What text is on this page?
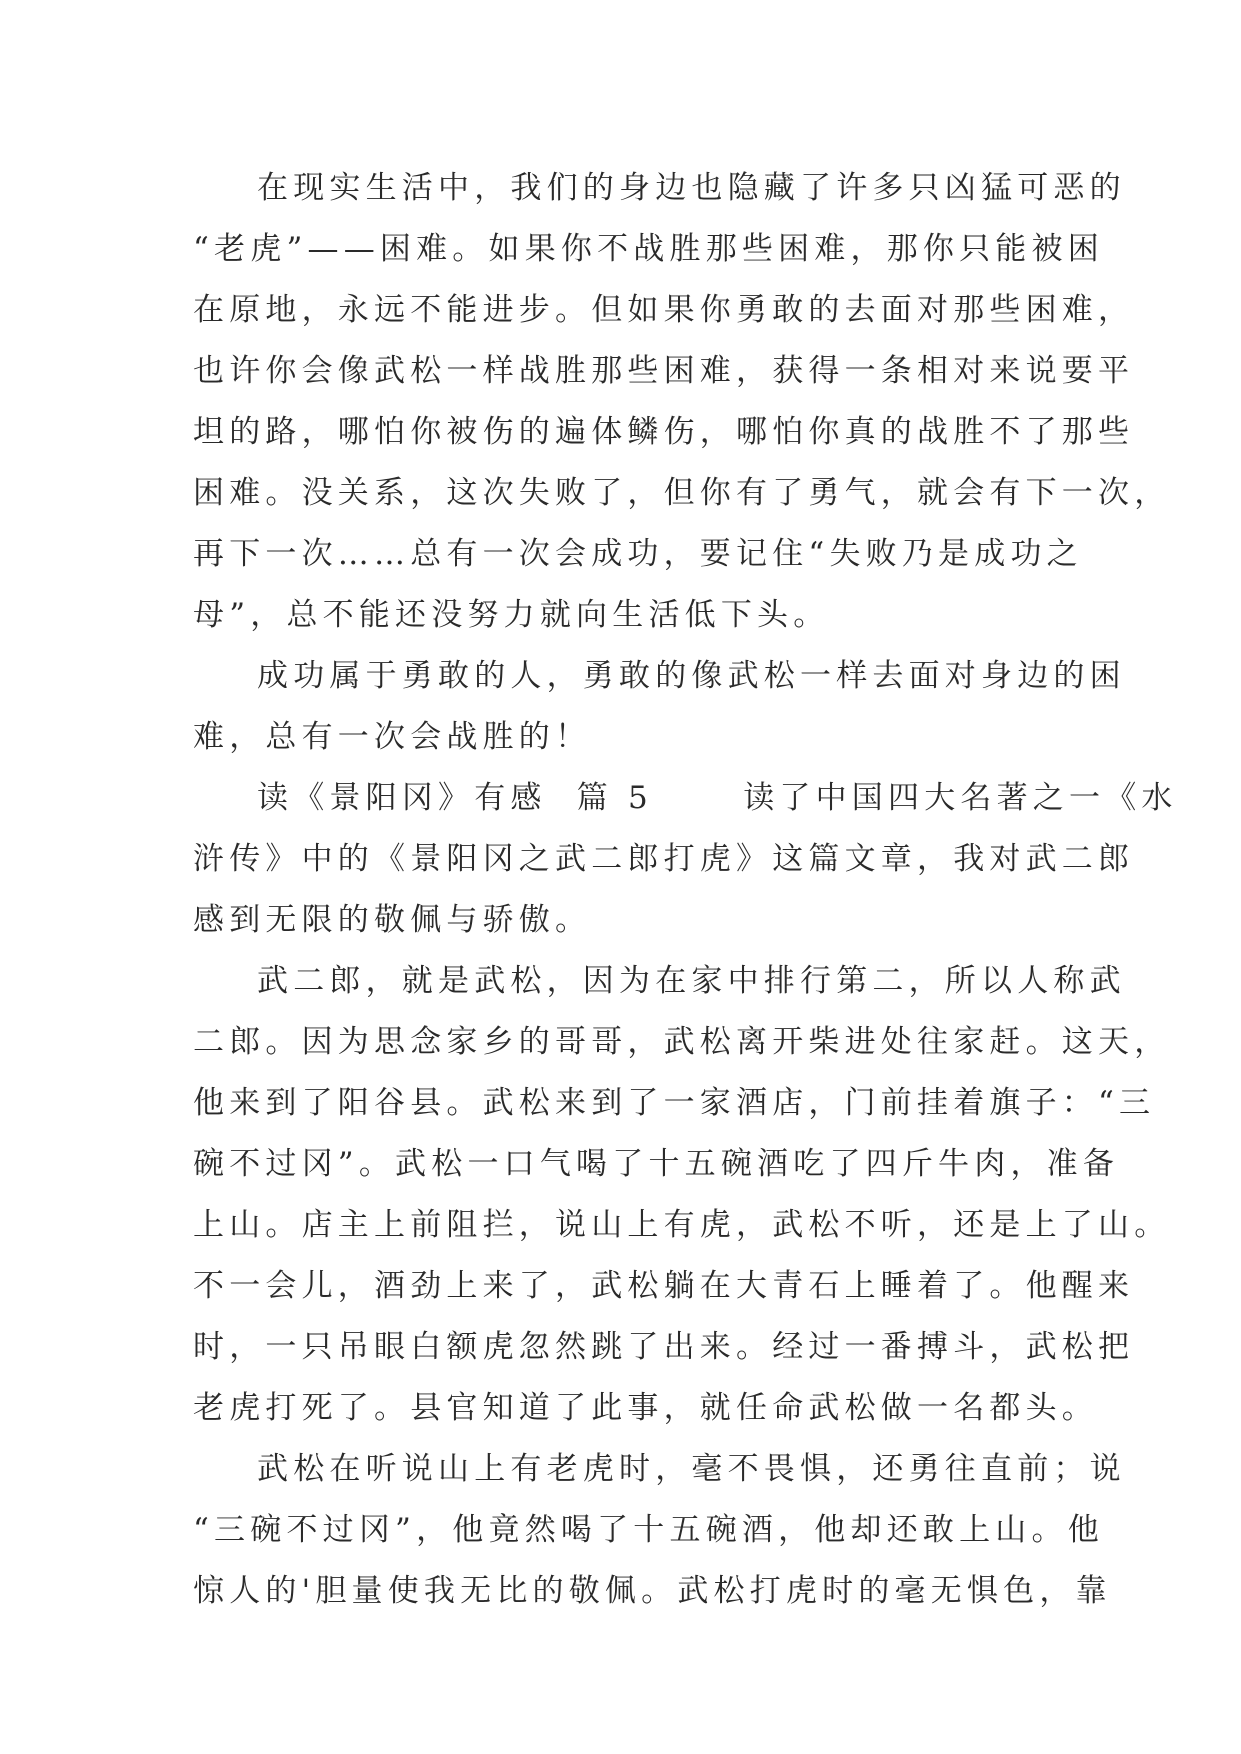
在现实生活中，我们的身边也隐藏了许多只凶猛可恶的
“老虎”——困难。如果你不战胜那些困难，那你只能被困
在原地，永远不能进步。但如果你勇敢的去面对那些困难，
也许你会像武松一样战胜那些困难，获得一条相对来说要平
坦的路，哪怕你被伤的遍体鳞伤，哪怕你真的战胜不了那些
困难。没关系，这次失败了，但你有了勇气，就会有下一次，
再下一次……总有一次会成功，要记住“失败乃是成功之
母”，总不能还没努力就向生活低下头。
成功属于勇敢的人，勇敢的像武松一样去面对身边的困
难，总有一次会战胜的！
读《景阳冈》有感  篇 5      读了中国四大名著之一《水
浒传》中的《景阳冈之武二郎打虎》这篇文章，我对武二郎
感到无限的敬佩与骄傲。
武二郎，就是武松，因为在家中排行第二，所以人称武
二郎。因为思念家乡的哥哥，武松离开柴进处往家赶。这天，
他来到了阳谷县。武松来到了一家酒店，门前挂着旗子：“三
碗不过冈”。武松一口气喝了十五碗酒吃了四斤牛肉，准备
上山。店主上前阻拦，说山上有虎，武松不听，还是上了山。
不一会儿，酒劲上来了，武松躺在大青石上睡着了。他醒来
时，一只吊眼白额虎忽然跳了出来。经过一番搏斗，武松把
老虎打死了。县官知道了此事，就任命武松做一名都头。
武松在听说山上有老虎时，毫不畏惧，还勇往直前；说
“三碗不过冈”，他竟然喝了十五碗酒，他却还敢上山。他
惊人的'胆量使我无比的敬佩。武松打虎时的毫无惧色，靠
